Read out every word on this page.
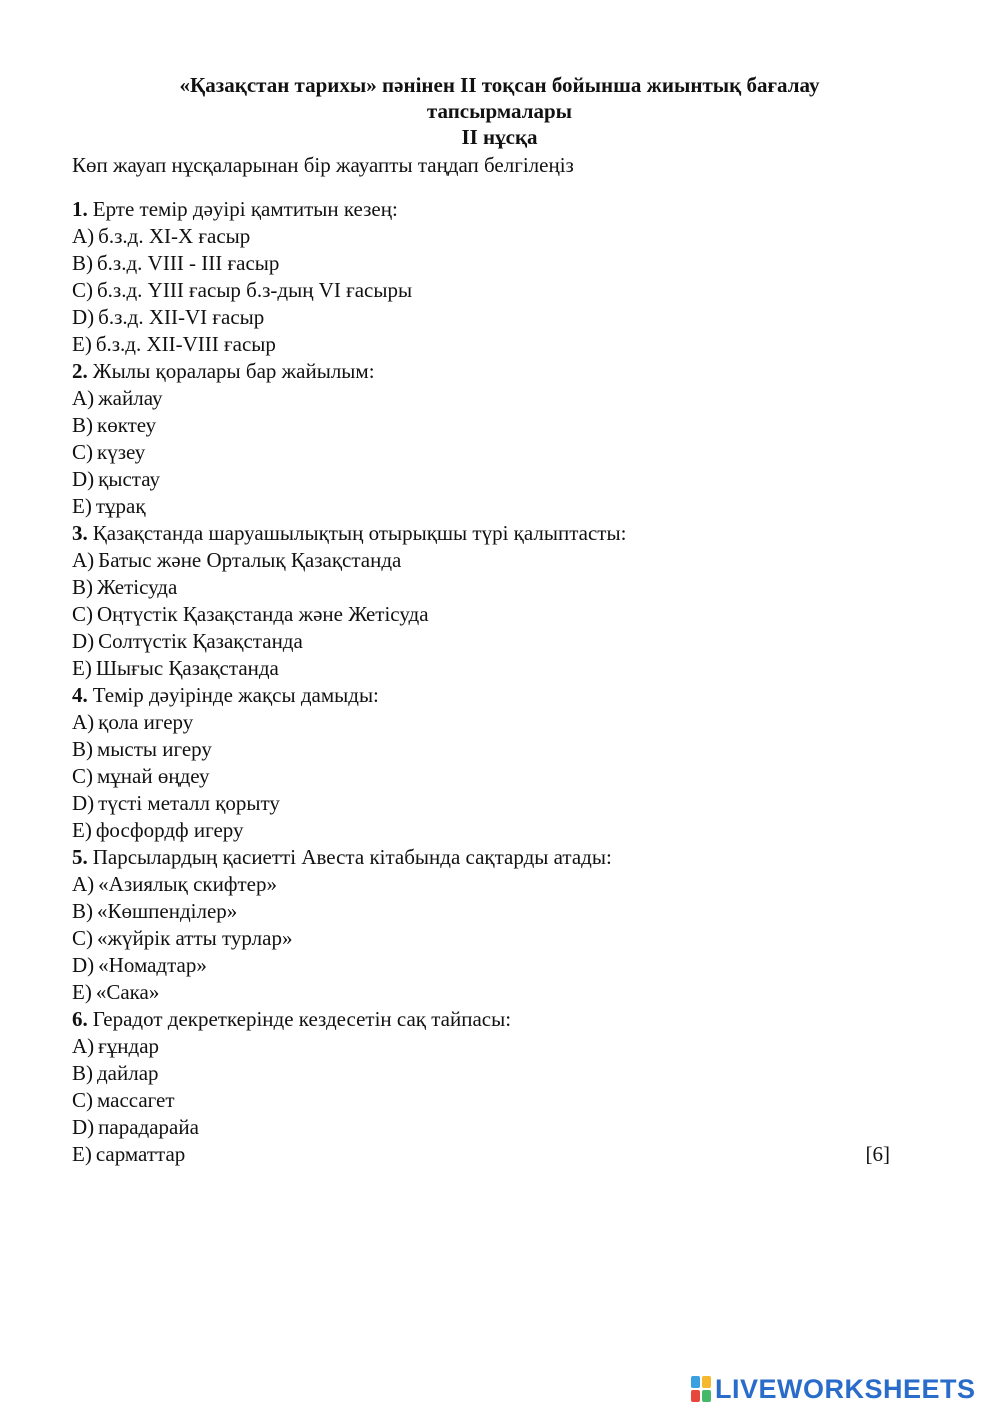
«Қазақстан тарихы» пәнінен II тоқсан бойынша жиынтық бағалау
тапсырмалары
II нұсқа
Көп жауап нұсқаларынан бір жауапты таңдап белгілеңіз
1. Ерте темір дәуірі қамтитын кезең:
A) б.з.д. XI-X ғасыр
B) б.з.д. VIII - III ғасыр
C) б.з.д. ҮIII ғасыр б.з-дың VI ғасыры
D) б.з.д. XII-VI ғасыр
E) б.з.д. XII-VIII ғасыр
2. Жылы қоралары бар жайылым:
A) жайлау
B) көктеу
C) күзеу
D) қыстау
E) тұрақ
3. Қазақстанда шаруашылықтың отырықшы түрі қалыптасты:
A) Батыс және Орталық Қазақстанда
B) Жетісуда
C) Оңтүстік Қазақстанда және Жетісуда
D) Солтүстік Қазақстанда
E) Шығыс Қазақстанда
4. Темір дәуірінде жақсы дамыды:
A) қола игеру
B) мысты игеру
C) мұнай өңдеу
D) түсті металл қорыту
E) фосфордф игеру
5. Парсылардың қасиетті Авеста кітабында сақтарды атады:
A) «Азиялық скифтер»
B) «Көшпенділер»
C) «жүйрік атты турлар»
D) «Номадтар»
E) «Сака»
6. Герадот декреткерінде кездесетін сақ тайпасы:
A) ғұндар
B) дайлар
C) массагет
D) парадарайа
E) сарматтар	[6]
LIVEWORKSHEETS
